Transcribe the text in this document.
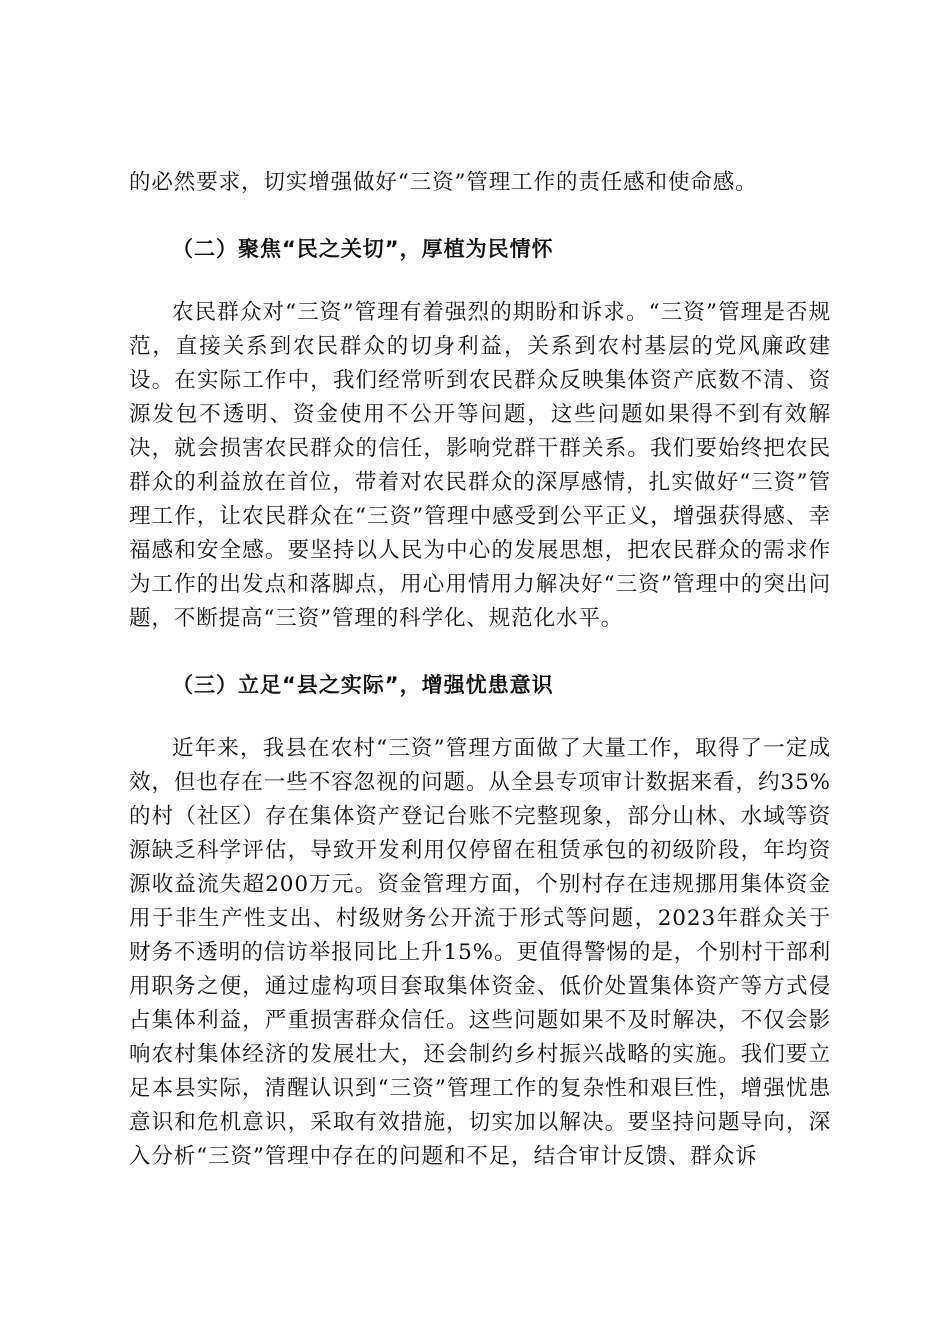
的必然要求，切实增强做好“三资”管理工作的责任感和使命感。

（二）聚焦“民之关切”，厚植为民情怀

农民群众对“三资”管理有着强烈的期盼和诉求。“三资”管理是否规范，直接关系到农民群众的切身利益，关系到农村基层的党风廉政建设。在实际工作中，我们经常听到农民群众反映集体资产底数不清、资源发包不透明、资金使用不公开等问题，这些问题如果得不到有效解决，就会损害农民群众的信任，影响党群干群关系。我们要始终把农民群众的利益放在首位，带着对农民群众的深厚感情，扎实做好“三资”管理工作，让农民群众在“三资”管理中感受到公平正义，增强获得感、幸福感和安全感。要坚持以人民为中心的发展思想，把农民群众的需求作为工作的出发点和落脚点，用心用情用力解决好“三资”管理中的突出问题，不断提高“三资”管理的科学化、规范化水平。

（三）立足“县之实际”，增强忧患意识

近年来，我县在农村“三资”管理方面做了大量工作，取得了一定成效，但也存在一些不容忽视的问题。从全县专项审计数据来看，约35%的村（社区）存在集体资产登记台账不完整现象，部分山林、水域等资源缺乏科学评估，导致开发利用仅停留在租赁承包的初级阶段，年均资源收益流失超200万元。资金管理方面，个别村存在违规挪用集体资金用于非生产性支出、村级财务公开流于形式等问题，2023年群众关于财务不透明的信访举报同比上升15%。更值得警惕的是，个别村干部利用职务之便，通过虚构项目套取集体资金、低价处置集体资产等方式侵占集体利益，严重损害群众信任。这些问题如果不及时解决，不仅会影响农村集体经济的发展壮大，还会制约乡村振兴战略的实施。我们要立足本县实际，清醒认识到“三资”管理工作的复杂性和艰巨性，增强忧患意识和危机意识，采取有效措施，切实加以解决。要坚持问题导向，深入分析“三资”管理中存在的问题和不足，结合审计反馈、群众诉
